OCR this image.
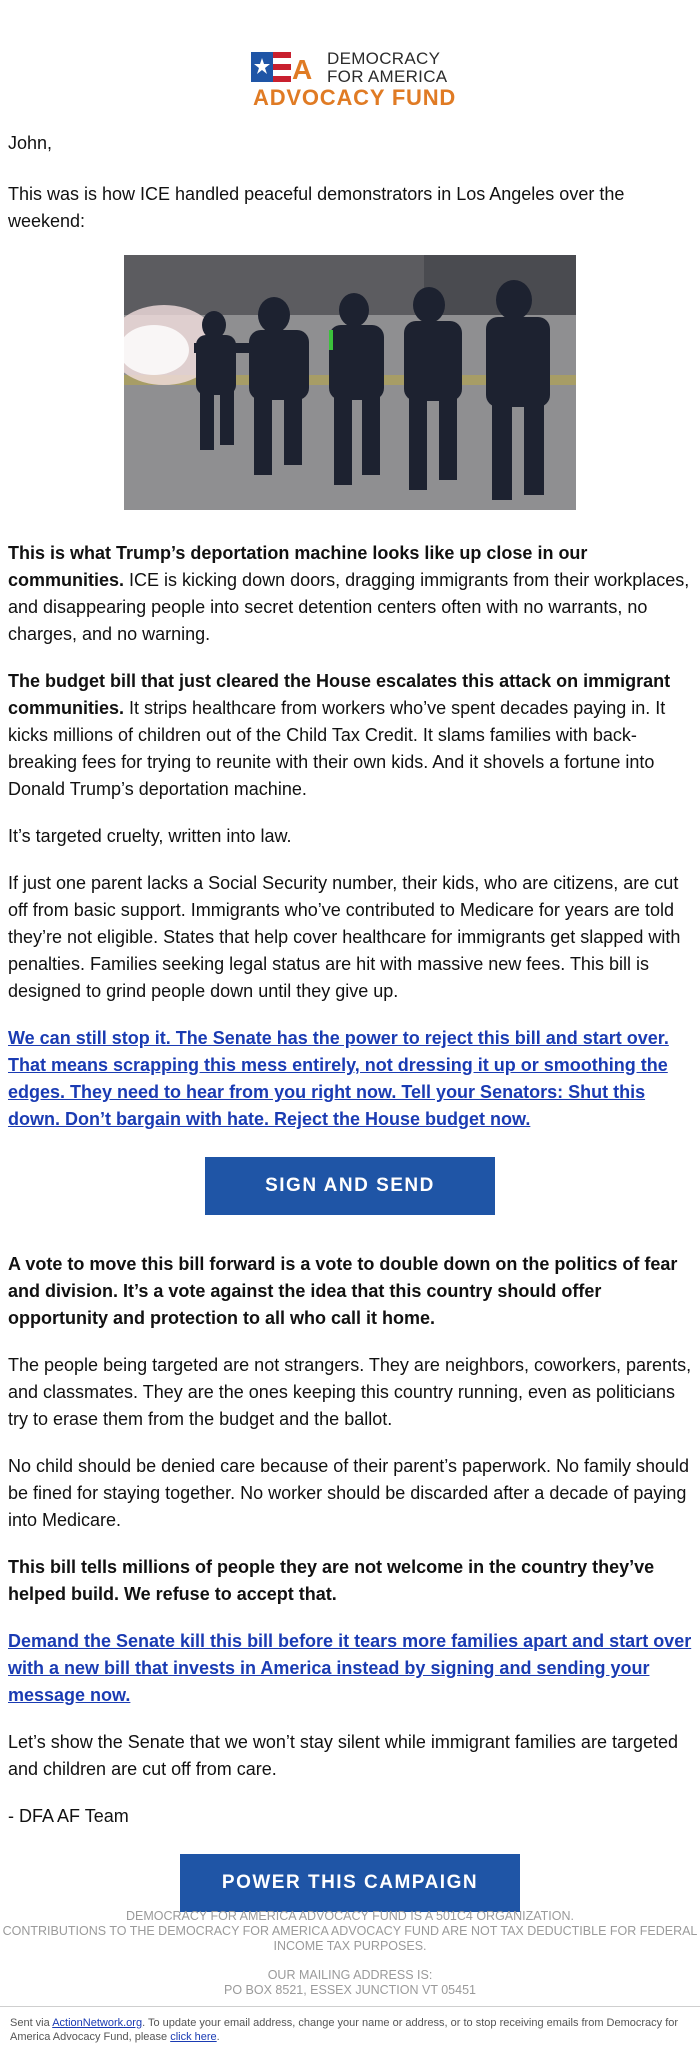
A DEMOCRACY
FOR AMERICA
ADVOCACY FUND

John,

This was is how ICE handled peaceful demonstrators in Los Angeles over the weekend:

This is what Trump’s deportation machine looks like up close in our communities. ICE is kicking down doors, dragging immigrants from their workplaces, and disappearing people into secret detention centers often with no warrants, no charges, and no warning.

The budget bill that just cleared the House escalates this attack on immigrant communities. It strips healthcare from workers who’ve spent decades paying in. It kicks millions of children out of the Child Tax Credit. It slams families with back-breaking fees for trying to reunite with their own kids. And it shovels a fortune into Donald Trump’s deportation machine.

It’s targeted cruelty, written into law.

If just one parent lacks a Social Security number, their kids, who are citizens, are cut off from basic support. Immigrants who’ve contributed to Medicare for years are told they’re not eligible. States that help cover healthcare for immigrants get slapped with penalties. Families seeking legal status are hit with massive new fees. This bill is designed to grind people down until they give up.

We can still stop it. The Senate has the power to reject this bill and start over. That means scrapping this mess entirely, not dressing it up or smoothing the edges. They need to hear from you right now. Tell your Senators: Shut this down. Don’t bargain with hate. Reject the House budget now.

SIGN AND SEND

A vote to move this bill forward is a vote to double down on the politics of fear and division. It’s a vote against the idea that this country should offer opportunity and protection to all who call it home.

The people being targeted are not strangers. They are neighbors, coworkers, parents, and classmates. They are the ones keeping this country running, even as politicians try to erase them from the budget and the ballot.

No child should be denied care because of their parent’s paperwork. No family should be fined for staying together. No worker should be discarded after a decade of paying into Medicare.

This bill tells millions of people they are not welcome in the country they’ve helped build. We refuse to accept that.

Demand the Senate kill this bill before it tears more families apart and start over with a new bill that invests in America instead by signing and sending your message now.

Let’s show the Senate that we won’t stay silent while immigrant families are targeted and children are cut off from care.

- DFA AF Team

POWER THIS CAMPAIGN
DEMOCRACY FOR AMERICA ADVOCACY FUND IS A 501C4 ORGANIZATION.
CONTRIBUTIONS TO THE DEMOCRACY FOR AMERICA ADVOCACY FUND ARE NOT TAX DEDUCTIBLE FOR FEDERAL INCOME TAX PURPOSES.
OUR MAILING ADDRESS IS:
PO BOX 8521, ESSEX JUNCTION VT 05451
Sent via ActionNetwork.org. To update your email address, change your name or address, or to stop receiving emails from Democracy for America Advocacy Fund, please click here.
